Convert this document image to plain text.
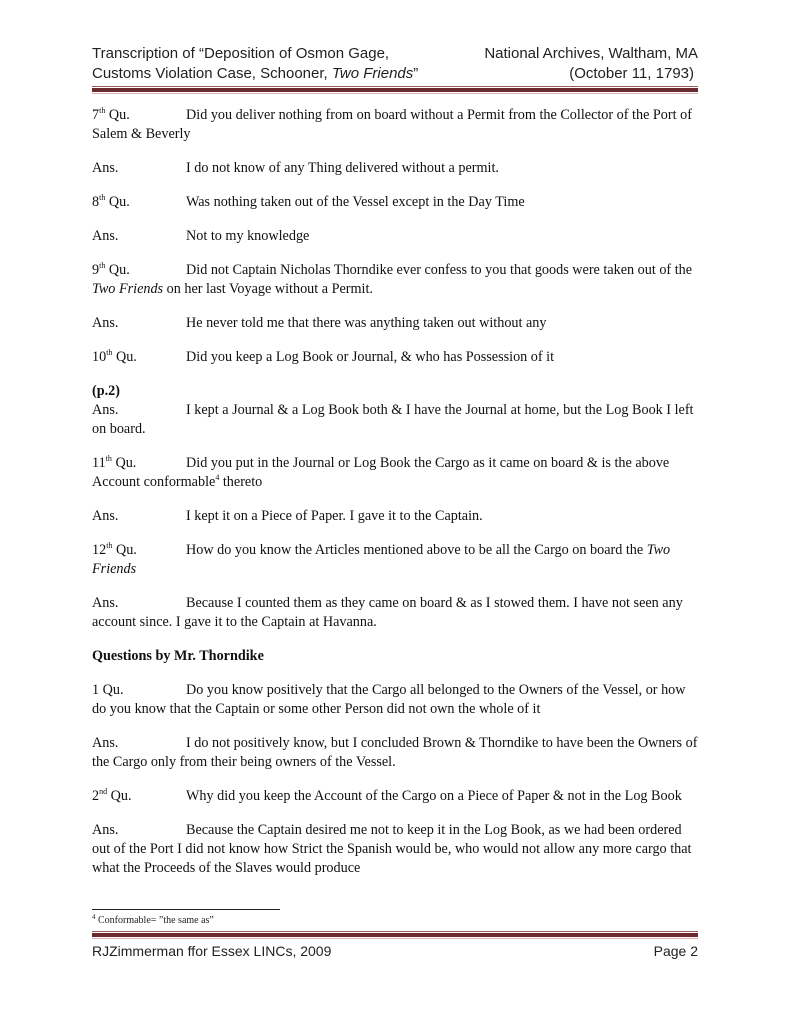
Transcription of “Deposition of Osmon Gage,	National Archives, Waltham, MA
Customs Violation Case, Schooner, Two Friends”	(October 11, 1793)

7th Qu.	Did you deliver nothing from on board without a Permit from the Collector of the Port of Salem & Beverly

Ans.	I do not know of any Thing delivered without a permit.

8th Qu.	Was nothing taken out of the Vessel except in the Day Time

Ans.	Not to my knowledge

9th Qu.	Did not Captain Nicholas Thorndike ever confess to you that goods were taken out of the Two Friends on her last Voyage without a Permit.

Ans.	He never told me that there was anything taken out without any

10th Qu.	Did you keep a Log Book or Journal, & who has Possession of it

(p.2)

Ans.	I kept a Journal & a Log Book both & I have the Journal at home, but the Log Book I left on board.

11th Qu.	Did you put in the Journal or Log Book the Cargo as it came on board & is the above Account conformable$^4$ thereto

Ans.	I kept it on a Piece of Paper. I gave it to the Captain.

12th Qu.	How do you know the Articles mentioned above to be all the Cargo on board the Two Friends

Ans.	Because I counted them as they came on board & as I stowed them. I have not seen any account since. I gave it to the Captain at Havanna.

Questions by Mr. Thorndike

1 Qu.	Do you know positively that the Cargo all belonged to the Owners of the Vessel, or how do you know that the Captain or some other Person did not own the whole of it

Ans.	I do not positively know, but I concluded Brown & Thorndike to have been the Owners of the Cargo only from their being owners of the Vessel.

2nd Qu.	Why did you keep the Account of the Cargo on a Piece of Paper & not in the Log Book

Ans.	Because the Captain desired me not to keep it in the Log Book, as we had been ordered out of the Port I did not know how Strict the Spanish would be, who would not allow any more cargo that what the Proceeds of the Slaves would produce

$^4$ Conformable= ”the same as”
RJZimmerman ffor Essex LINCs, 2009	Page 2
